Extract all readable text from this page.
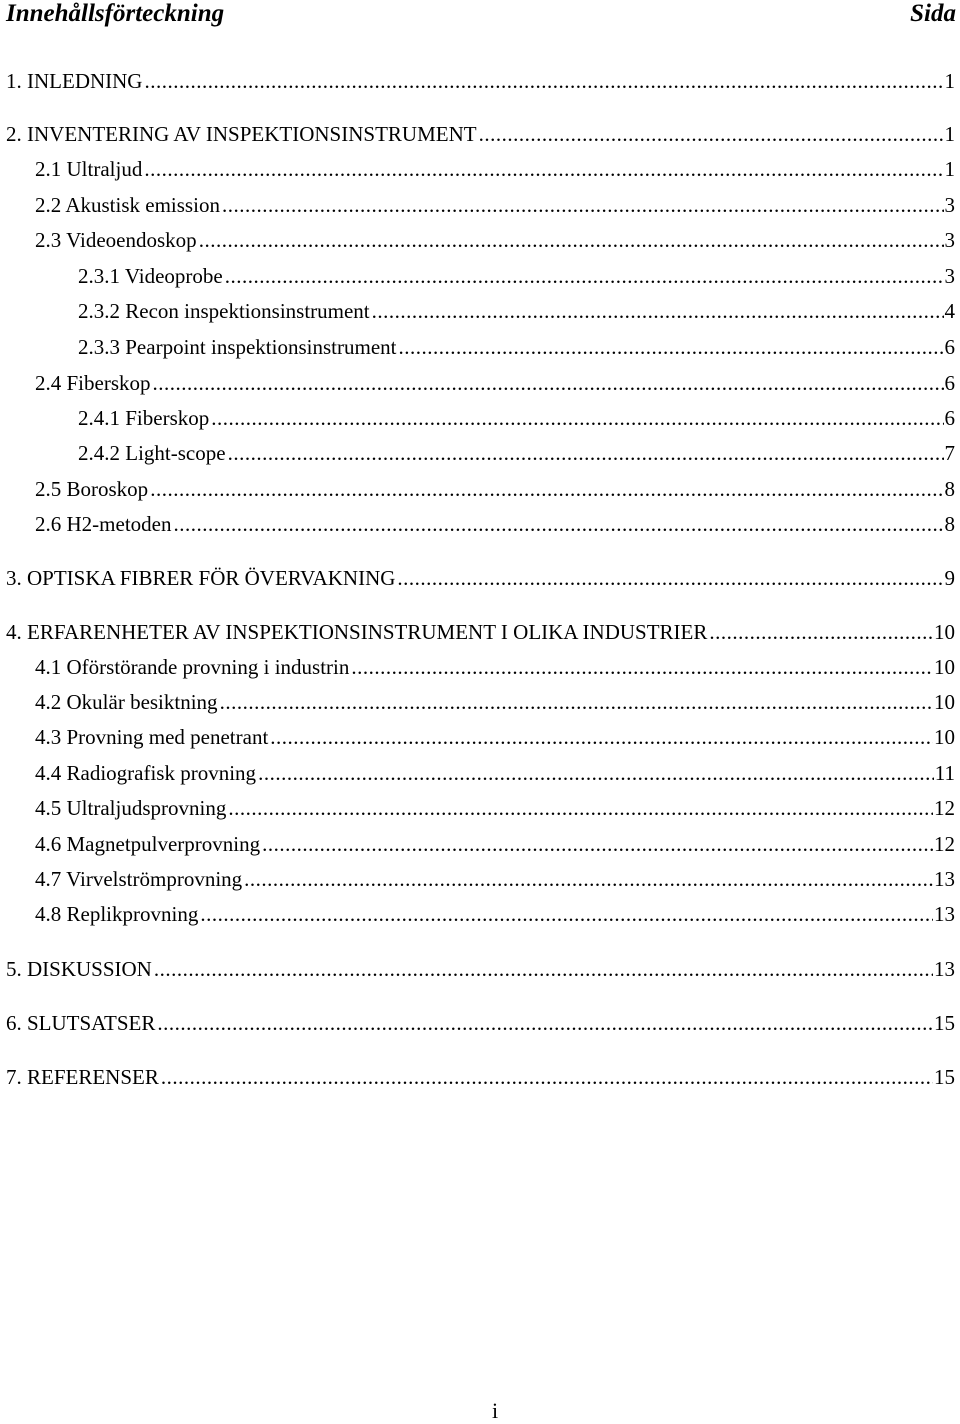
Innehållsförteckning	Sida
1. INLEDNING .....	1
2. INVENTERING AV INSPEKTIONSINSTRUMENT .....	1
2.1 Ultraljud .....	1
2.2 Akustisk emission .....	3
2.3 Videoendoskop .....	3
2.3.1 Videoprobe .....	3
2.3.2 Recon inspektionsinstrument .....	4
2.3.3 Pearpoint inspektionsinstrument .....	6
2.4 Fiberskop .....	6
2.4.1 Fiberskop .....	6
2.4.2 Light-scope .....	7
2.5 Boroskop .....	8
2.6 H2-metoden .....	8
3. OPTISKA FIBRER FÖR ÖVERVAKNING .....	9
4. ERFARENHETER AV INSPEKTIONSINSTRUMENT I OLIKA INDUSTRIER .....	10
4.1 Oförstörande provning i industrin .....	10
4.2 Okulär besiktning .....	10
4.3 Provning med penetrant .....	10
4.4 Radiografisk provning .....	11
4.5 Ultraljudsprovning .....	12
4.6 Magnetpulverprovning .....	12
4.7 Virvelströmprovning .....	13
4.8 Replikprovning .....	13
5. DISKUSSION .....	13
6. SLUTSATSER .....	15
7. REFERENSER .....	15
i
